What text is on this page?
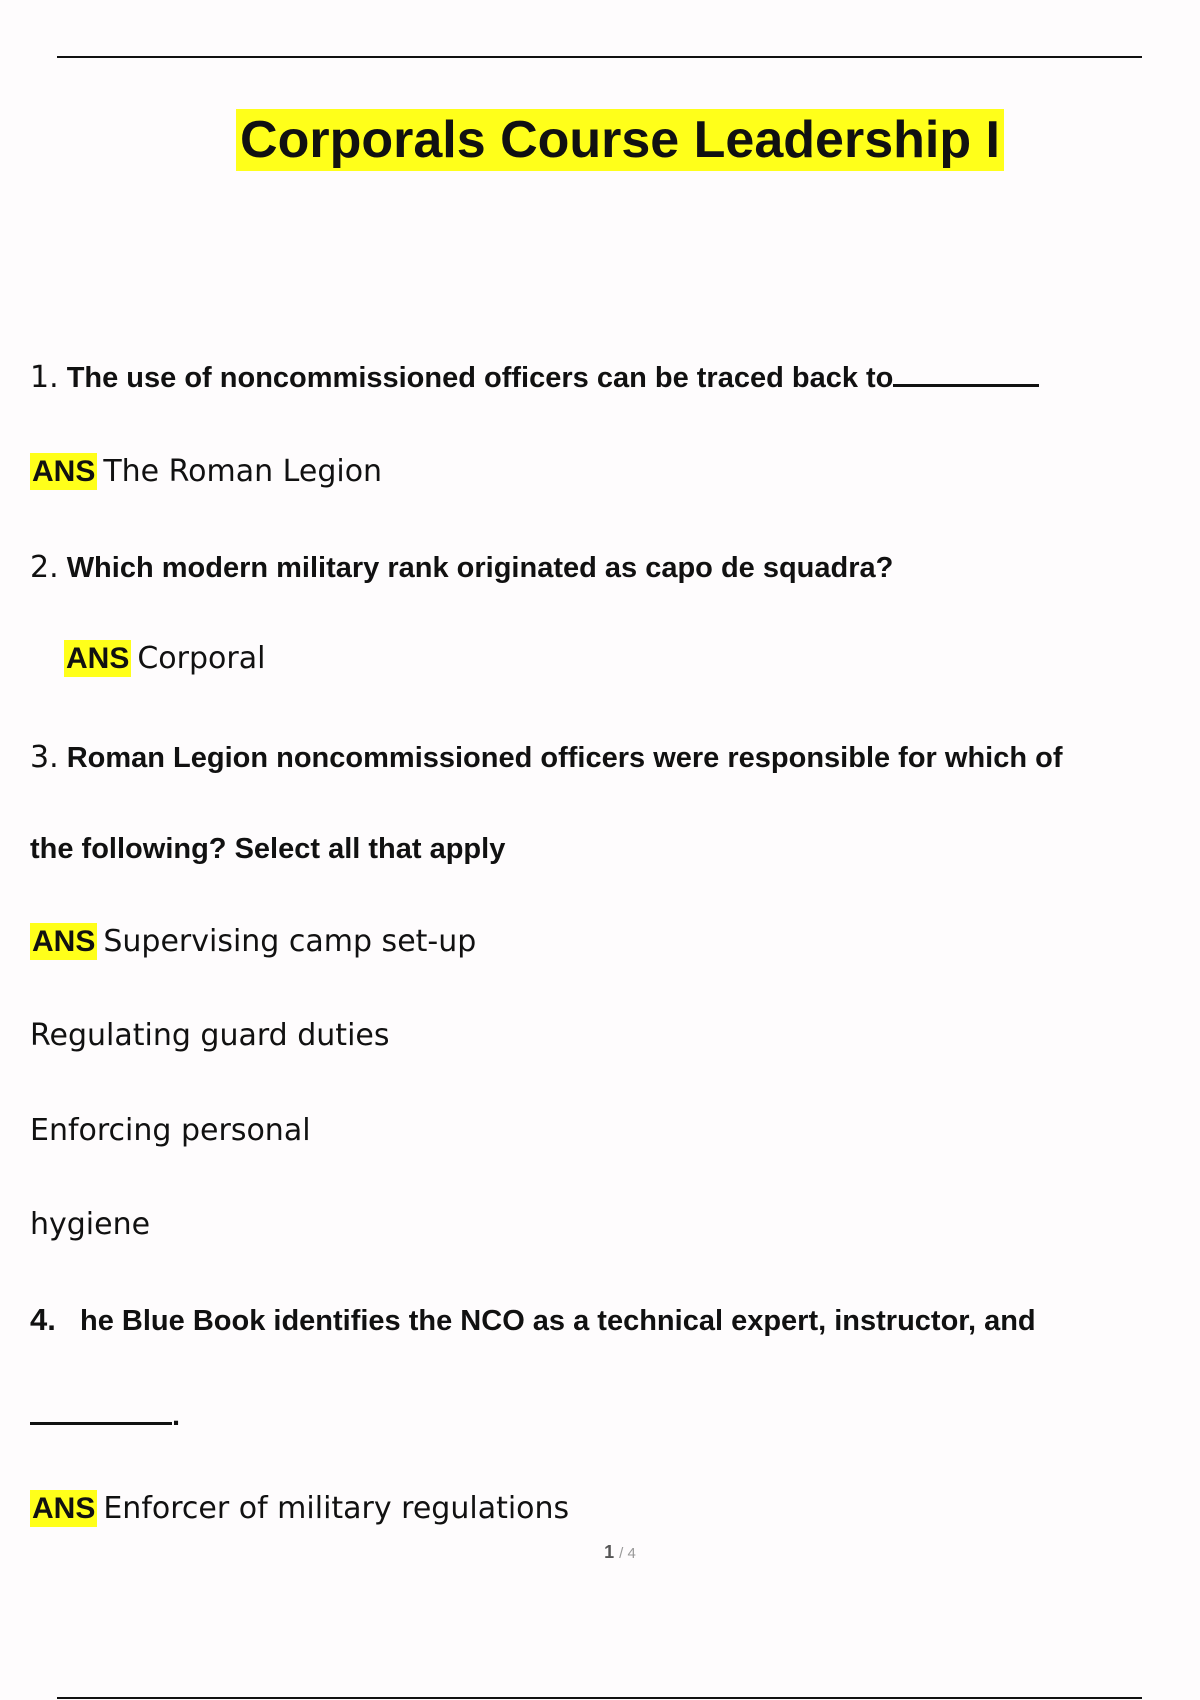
Corporals Course Leadership I
1. The use of noncommissioned officers can be traced back to
ANS The Roman Legion
2. Which modern military rank originated as capo de squadra?
ANS Corporal
3. Roman Legion noncommissioned officers were responsible for which of
the following? Select all that apply
ANS Supervising camp set-up
Regulating guard duties
Enforcing personal
hygiene
4. he Blue Book identifies the NCO as a technical expert, instructor, and
.
ANS Enforcer of military regulations
1 / 4
